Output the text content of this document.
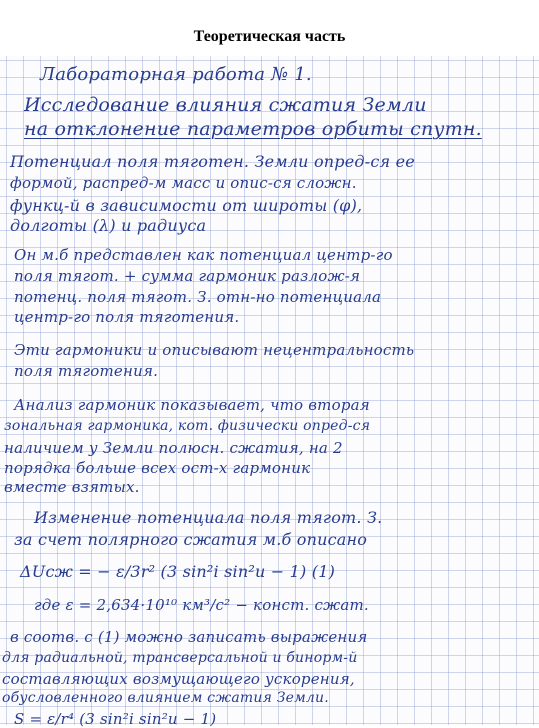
Теоретическая часть
Лабораторная работа № 1.
Исследование влияния сжатия Земли
на отклонение параметров орбиты спутн.
Потенциал поля тяготен. Земли опред-ся ее
формой, распред-м масс и опис-ся сложн.
функц-й в зависимости от широты (φ),
долготы (λ) и радиуса
Он м.б представлен как потенциал центр-го
поля тягот. + сумма гармоник разлож-я
потенц. поля тягот. З. отн-но потенциала
центр-го поля тяготения.
Эти гармоники и описывают нецентральность
поля тяготения.
Анализ гармоник показывает, что вторая
зональная гармоника, кот. физически опред-ся
наличием у Земли полюсн. сжатия, на 2
порядка больше всех ост-х гармоник
вместе взятых.
Изменение потенциала поля тягот. З.
за счет полярного сжатия м.б описано
ΔUсж = − ε/3r² (3 sin²i sin²u − 1) (1)
где ε = 2,634·10¹⁰ км³/с² − конст. сжат.
в соотв. с (1) можно записать выражения
для радиальной, трансверсальной и бинорм-й
составляющих возмущающего ускорения,
обусловленного влиянием сжатия Земли.
S = ε/r⁴ (3 sin²i sin²u − 1)
